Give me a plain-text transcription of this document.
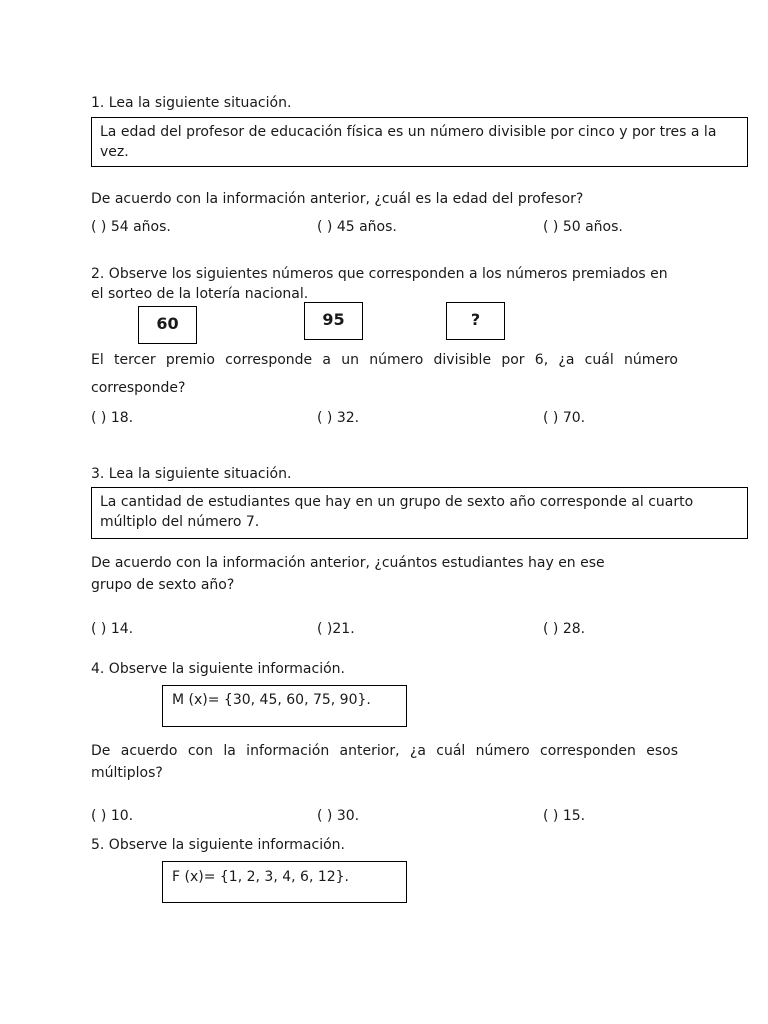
1. Lea la siguiente situación.
La edad del profesor de educación física es un número divisible por cinco y por tres a la vez.
De acuerdo con la información anterior, ¿cuál es la edad del profesor?
( ) 54 años.	( ) 45 años.	( ) 50 años.
2. Observe los siguientes números que corresponden a los números premiados en
el sorteo de la lotería nacional.
60	95	?
El tercer premio corresponde a un número divisible por 6, ¿a cuál número
corresponde?
( ) 18.	( ) 32.	( ) 70.
3. Lea la siguiente situación.
La cantidad de estudiantes que hay en un grupo de sexto año corresponde al cuarto múltiplo del número 7.
De acuerdo con la información anterior, ¿cuántos estudiantes hay en ese
grupo de sexto año?
( ) 14.	( )21.	( ) 28.
4. Observe la siguiente información.
M (x)= {30, 45, 60, 75, 90}.
De acuerdo con la información anterior, ¿a cuál número corresponden esos
múltiplos?
( ) 10.	( ) 30.	( ) 15.
5. Observe la siguiente información.
F (x)= {1, 2, 3, 4, 6, 12}.
